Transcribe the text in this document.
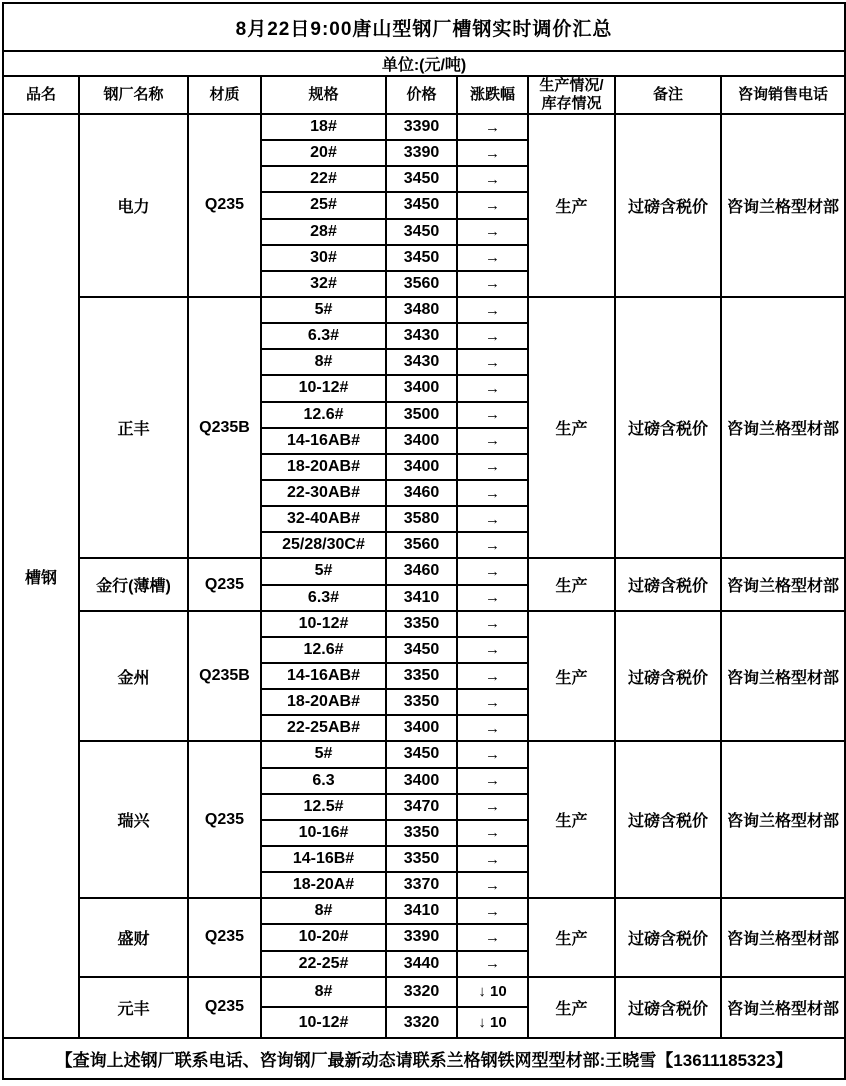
8月22日9:00唐山型钢厂槽钢实时调价汇总								
单位:(元/吨)								
品名	钢厂名称	材质	规格	价格	涨跌幅	生产情况/
库存情况	备注	咨询销售电话
槽钢	电力	Q235	18#	3390	→	生产	过磅含税价	咨询兰格型材部
			20#	3390	→			
			22#	3450	→			
			25#	3450	→			
			28#	3450	→			
			30#	3450	→			
			32#	3560	→			
	正丰	Q235B	5#	3480	→	生产	过磅含税价	咨询兰格型材部
			6.3#	3430	→			
			8#	3430	→			
			10-12#	3400	→			
			12.6#	3500	→			
			14-16AB#	3400	→			
			18-20AB#	3400	→			
			22-30AB#	3460	→			
			32-40AB#	3580	→			
			25/28/30C#	3560	→			
	金行(薄槽)	Q235	5#	3460	→	生产	过磅含税价	咨询兰格型材部
			6.3#	3410	→			
	金州	Q235B	10-12#	3350	→	生产	过磅含税价	咨询兰格型材部
			12.6#	3450	→			
			14-16AB#	3350	→			
			18-20AB#	3350	→			
			22-25AB#	3400	→			
	瑞兴	Q235	5#	3450	→	生产	过磅含税价	咨询兰格型材部
			6.3	3400	→			
			12.5#	3470	→			
			10-16#	3350	→			
			14-16B#	3350	→			
			18-20A#	3370	→			
	盛财	Q235	8#	3410	→	生产	过磅含税价	咨询兰格型材部
			10-20#	3390	→			
			22-25#	3440	→			
	元丰	Q235	8#	3320	↓ 10	生产	过磅含税价	咨询兰格型材部
			10-12#	3320	↓ 10			
【查询上述钢厂联系电话、咨询钢厂最新动态请联系兰格钢铁网型型材部:王晓雪【13611185323】								
